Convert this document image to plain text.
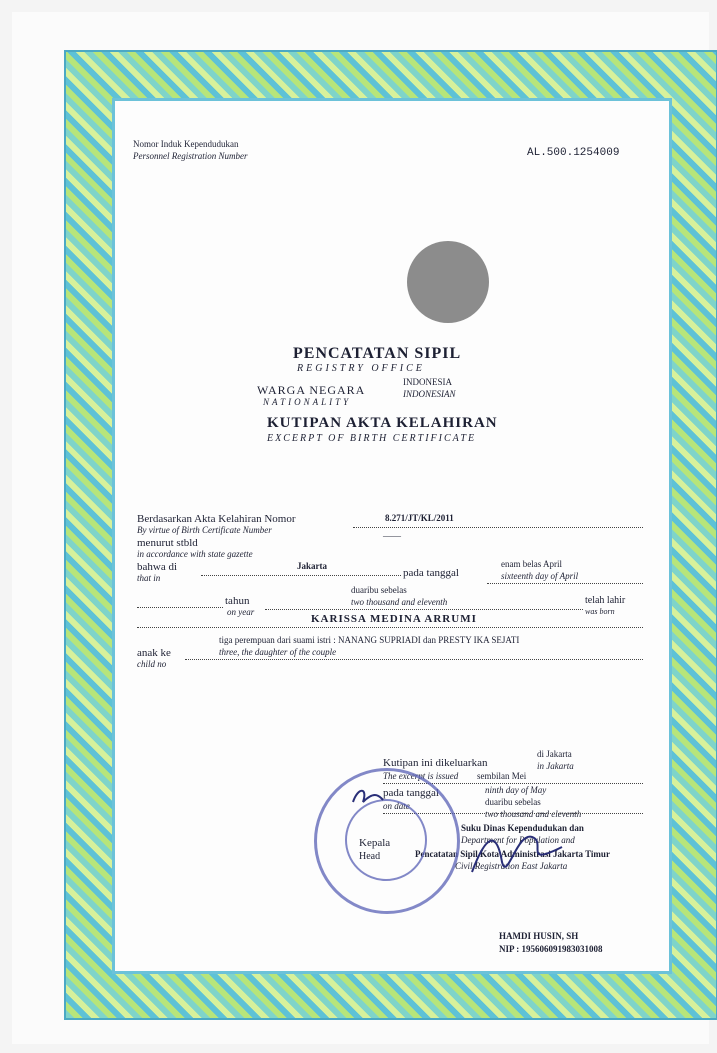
Nomor Induk Kependudukan
Personnel Registration Number	AL.500.1254009
PENCATATAN SIPIL
REGISTRY OFFICE
WARGA NEGARA
NATIONALITY
INDONESIA
INDONESIAN
KUTIPAN AKTA KELAHIRAN
EXCERPT OF BIRTH CERTIFICATE
Berdasarkan Akta Kelahiran Nomor
By virtue of Birth Certificate Number
8.271/JT/KL/2011
menurut stbld
in accordance with state gazette
——
bahwa di
that in
Jakarta
pada tanggal
enam belas April
sixteenth day of April
tahun
on year
duaribu sebelas
two thousand and eleventh	telah lahir
was born
KARISSA MEDINA ARRUMI
tiga perempuan dari suami istri : NANANG SUPRIADI dan PRESTY IKA SEJATI
three, the daughter of the couple
anak ke
child no
Kutipan ini dikeluarkan
The excerpt is issued
di Jakarta
in Jakarta
sembilan Mei
pada tanggal
on date
ninth day of May
duaribu sebelas
two thousand and eleventh
Suku Dinas Kependudukan dan
Department for Population and
Kepala
Head	Pencatatan Sipil Kota Administrasi Jakarta Timur
Civil Registration East Jakarta
HAMDI HUSIN, SH
NIP : 195606091983031008
